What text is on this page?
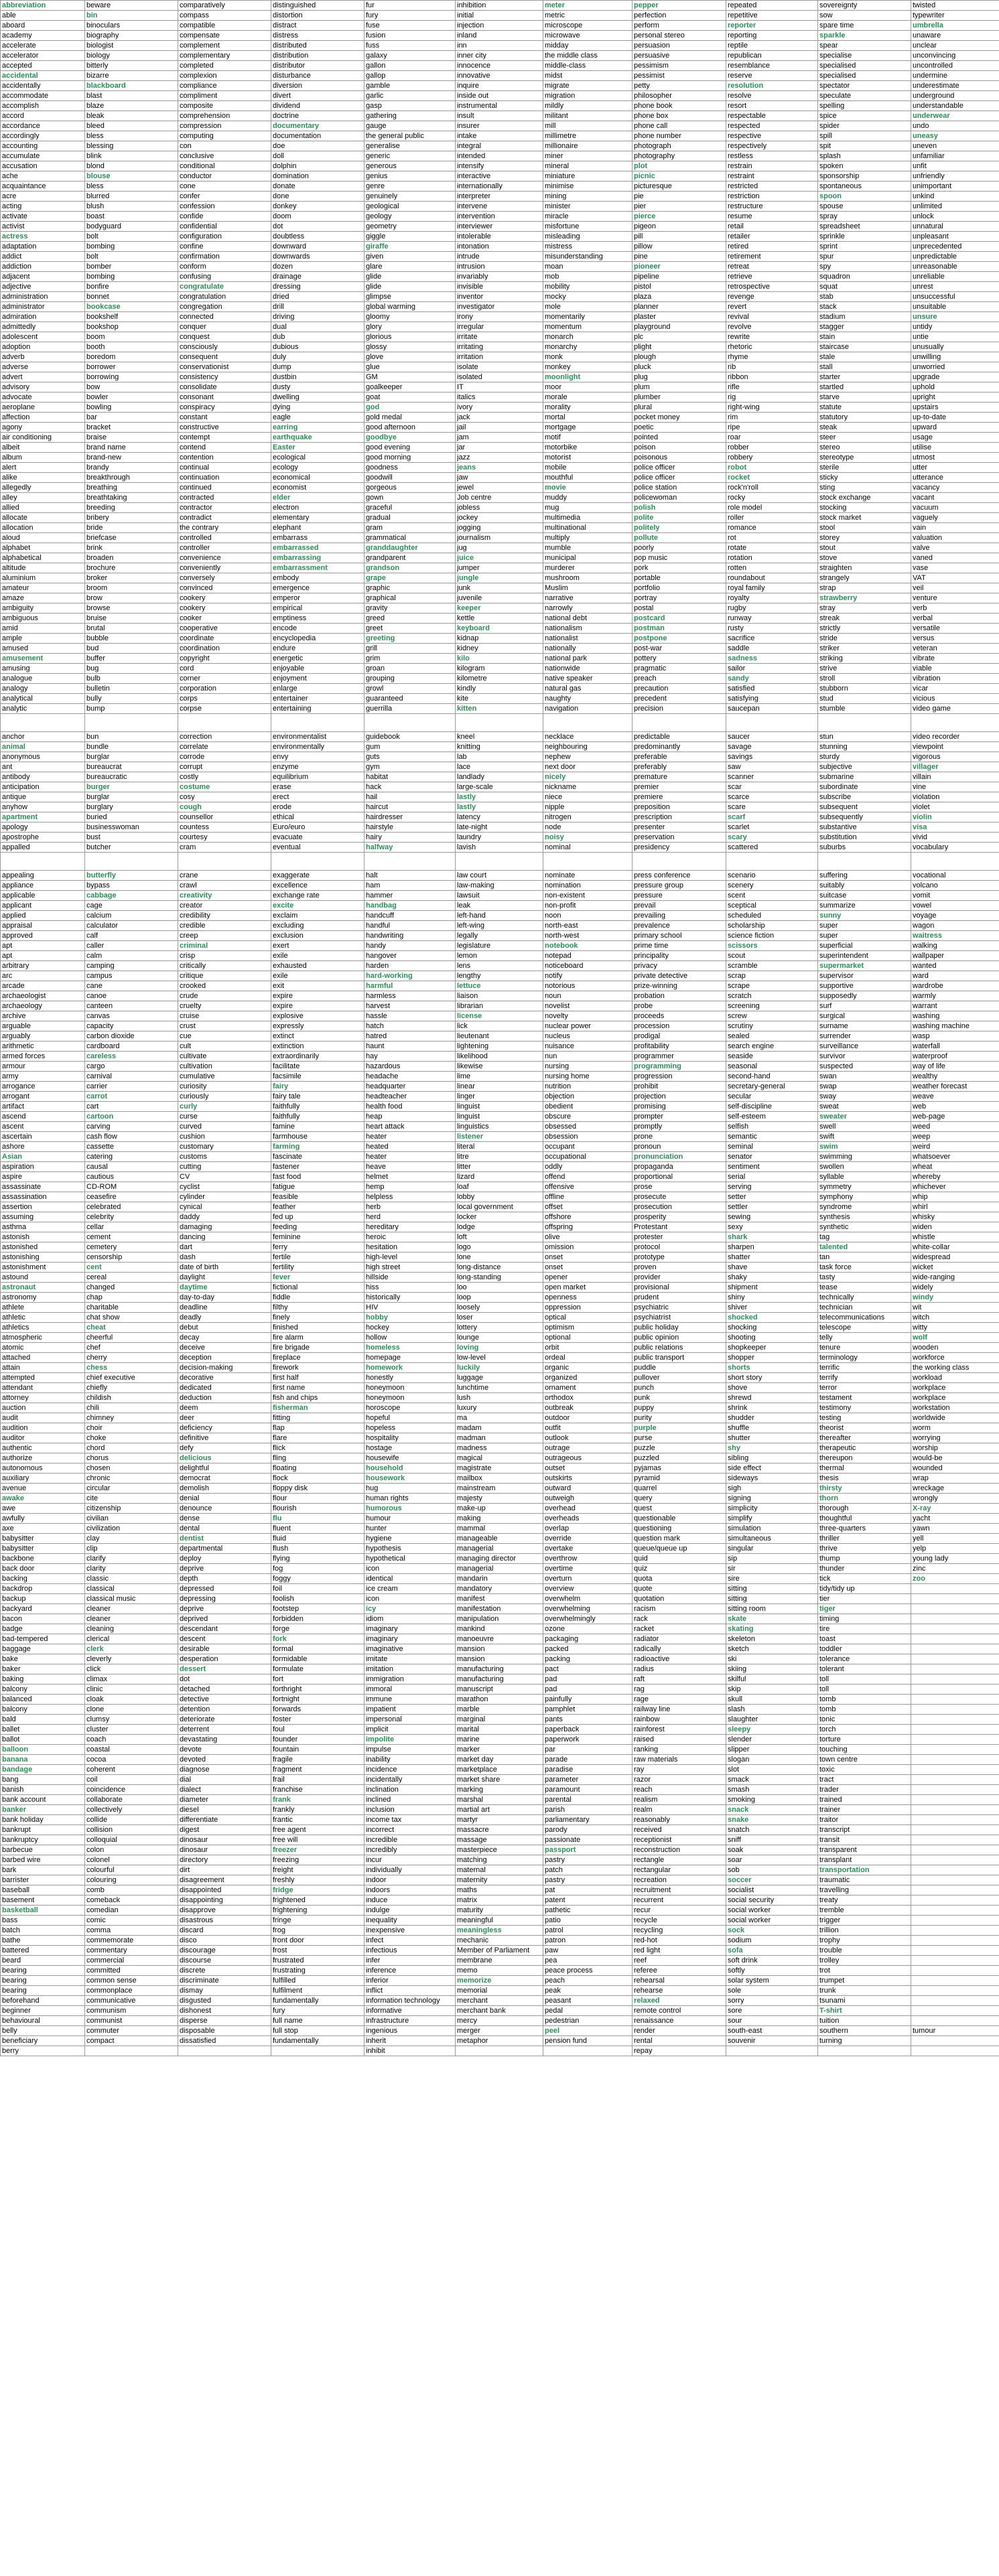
abbreviation	beware	comparatively	distinguished	fur	inhibition	meter	pepper	repeated	sovereignty	twisted	
able	bin	compass	distortion	fury	initial	metric	perfection	repetitive	sow	typewriter	
aboard	binoculars	compatible	distract	fuse	injection	microscope	perform	reporter	spare time	umbrella	
academy	biography	compensate	distress	fusion	inland	microwave	personal stereo	reporting	sparkle	unaware	
accelerate	biologist	complement	distributed	fuss	inn	midday	persuasion	reptile	spear	unclear	
accelerator	biology	complementary	distribution	galaxy	inner city	the middle class	persuasive	republican	specialise	unconvincing	
accepted	bitterly	completed	distributor	gallon	innocence	middle-class	pessimism	resemblance	specialised	uncontrolled	
accidental	bizarre	complexion	disturbance	gallop	innovative	midst	pessimist	reserve	specialised	undermine	
accidentally	blackboard	compliance	diversion	gamble	inquire	migrate	petty	resolution	spectator	underestimate	
accommodate	blast	compliment	divert	garlic	inside out	migration	philosopher	resolve	speculate	underground	
accomplish	blaze	composite	dividend	gasp	instrumental	mildly	phone book	resort	spelling	understandable	
accord	bleak	comprehension	doctrine	gathering	insult	militant	phone box	respectable	spice	underwear	
accordance	bleed	compression	documentary	gauge	insurer	mill	phone call	respected	spider	undo	
accordingly	bless	computing	documentation	the general public	intake	millimetre	phone number	respective	spill	uneasy	
accounting	blessing	con	doe	generalise	integral	millionaire	photograph	respectively	spit	uneven	
accumulate	blink	conclusive	doll	generic	intended	miner	photography	restless	splash	unfamiliar	
accusation	blond	conditional	dolphin	generous	intensify	mineral	plot	restrain	spoken	unfit	
ache	blouse	conductor	domination	genius	interactive	miniature	picnic	restraint	sponsorship	unfriendly	
acquaintance	bless	cone	donate	genre	internationally	minimise	picturesque	restricted	spontaneous	unimportant	
acre	blurred	confer	done	genuinely	interpreter	mining	pie	restriction	spoon	unkind	
acting	blush	confession	donkey	geological	intervene	minister	pier	restructure	spouse	unlimited	
activate	boast	confide	doom	geology	intervention	miracle	pierce	resume	spray	unlock	
activist	bodyguard	confidential	dot	geometry	interviewer	misfortune	pigeon	retail	spreadsheet	unnatural	
actress	bolt	configuration	doubtless	giggle	intolerable	misleading	pill	retailer	sprinkle	unpleasant	
adaptation	bombing	confine	downward	giraffe	intonation	mistress	pillow	retired	sprint	unprecedented	
addict	bolt	confirmation	downwards	given	intrude	misunderstanding	pine	retirement	spur	unpredictable	
addiction	bomber	conform	dozen	glare	intrusion	moan	pioneer	retreat	spy	unreasonable	
adjacent	bombing	confusing	drainage	glide	invariably	mob	pipeline	retrieve	squadron	unreliable	
adjective	bonfire	congratulate	dressing	glide	invisible	mobility	pistol	retrospective	squat	unrest	
administration	bonnet	congratulation	dried	glimpse	inventor	mocky	plaza	revenge	stab	unsuccessful	
administrator	bookcase	congregation	drill	global warming	investigator	mole	planner	revert	stack	unsuitable	
admiration	bookshelf	connected	driving	gloomy	irony	momentarily	plaster	revival	stadium	unsure	
admittedly	bookshop	conquer	dual	glory	irregular	momentum	playground	revolve	stagger	untidy	
adolescent	boom	conquest	dub	glorious	irritate	monarch	plc	rewrite	stain	untie	
adoption	booth	consciously	dubious	glossy	irritating	monarchy	plight	rhetoric	staircase	unusually	
adverb	boredom	consequent	duly	glove	irritation	monk	plough	rhyme	stale	unwilling	
adverse	borrower	conservationist	dump	glue	isolate	monkey	pluck	rib	stall	unworried	
advert	borrowing	consistency	dustbin	GM	isolated	moonlight	plug	ribbon	starter	upgrade	
advisory	bow	consolidate	dusty	goalkeeper	IT	moor	plum	rifle	startled	uphold	
advocate	bowler	consonant	dwelling	goat	italics	morale	plumber	rig	starve	upright	
aeroplane	bowling	conspiracy	dying	god	ivory	morality	plural	right-wing	statute	upstairs	
affection	bar	constant	eagle	gold medal	jack	mortal	pocket money	rim	statutory	up-to-date	
agony	bracket	constructive	earring	good afternoon	jail	mortgage	poetic	ripe	steak	upward	
air conditioning	braise	contempt	earthquake	goodbye	jam	motif	pointed	roar	steer	usage	
albeit	brand name	contend	Easter	good evening	jar	motorbike	poison	robber	stereo	utilise	
album	brand-new	contention	ecological	good morning	jazz	motorist	poisonous	robbery	stereotype	utmost	
alert	brandy	continual	ecology	goodness	jeans	mobile	police officer	robot	sterile	utter	
alike	breakthrough	continuation	economical	goodwill	jaw	mouthful	police officer	rocket	sticky	utterance	
allegedly	breathing	continued	economist	gorgeous	jewel	movie	police station	rock'n'roll	sting	vacancy	
alley	breathtaking	contracted	elder	gown	Job centre	muddy	policewoman	rocky	stock exchange	vacant	
allied	breeding	contractor	electron	graceful	jobless	mug	polish	role model	stocking	vacuum	
allocate	bribery	contradict	elementary	gradual	jockey	multimedia	polite	roller	stock market	vaguely	
allocation	bride	the contrary	elephant	gram	jogging	multinational	politely	romance	stool	vain	
aloud	briefcase	controlled	embarrass	grammatical	journalism	multiply	pollute	rot	storey	valuation	
alphabet	brink	controller	embarrassed	granddaughter	jug	mumble	poorly	rotate	stout	valve	
alphabetical	broaden	convenience	embarrassing	grandparent	juice	municipal	pop music	rotation	stove	vaned	
altitude	brochure	conveniently	embarrassment	grandson	jumper	murderer	pork	rotten	straighten	vase	
aluminium	broker	conversely	embody	grape	jungle	mushroom	portable	roundabout	strangely	VAT	
amateur	broom	convinced	emergence	graphic	junk	Muslim	portfolio	royal family	strap	veil	
amaze	brow	cookery	emperor	graphical	juvenile	narrative	portray	royalty	strawberry	venture	
ambiguity	browse	cookery	empirical	gravity	keeper	narrowly	postal	rugby	stray	verb	
ambiguous	bruise	cooker	emptiness	greed	kettle	national debt	postcard	runway	streak	verbal	
amid	brutal	cooperative	encode	greet	keyboard	nationalism	postman	rusty	strictly	versatile	
ample	bubble	coordinate	encyclopedia	greeting	kidnap	nationalist	postpone	sacrifice	stride	versus	
amused	bud	coordination	endure	grill	kidney	nationally	post-war	saddle	striker	veteran	
amusement	buffer	copyright	energetic	grim	kilo	national park	pottery	sadness	striking	vibrate	
amusing	bug	cord	enjoyable	groan	kilogram	nationwide	pragmatic	sailor	strive	viable	
analogue	bulb	corner	enjoyment	grouping	kilometre	native speaker	preach	sandy	stroll	vibration	
analogy	bulletin	corporation	enlarge	growl	kindly	natural gas	precaution	satisfied	stubborn	vicar	
analytical	bully	corps	entertainer	guaranteed	kite	naughty	precedent	satisfying	stud	vicious	
analytic	bump	corpse	entertaining	guerrilla	kitten	navigation	precision	saucepan	stumble	video game	

anchor	bun	correction	environmentalist	guidebook	kneel	necklace	predictable	saucer	stun	video recorder	
animal	bundle	correlate	environmentally	gum	knitting	neighbouring	predominantly	savage	stunning	viewpoint	
anonymous	burglar	corrode	envy	guts	lab	nephew	preferable	savings	sturdy	vigorous	
ant	bureaucrat	corrupt	enzyme	gym	lace	next door	preferably	saw	subjective	villager	
antibody	bureaucratic	costly	equilibrium	habitat	landlady	nicely	premature	scanner	submarine	villain	
anticipation	burger	costume	erase	hack	large-scale	nickname	premier	scar	subordinate	vine	
antique	burglar	cosy	erect	hail	lastly	niece	premiere	scarce	subscribe	violation	
anyhow	burglary	cough	erode	haircut	lastly	nipple	preposition	scare	subsequent	violet	
apartment	buried	counsellor	ethical	hairdresser	latency	nitrogen	prescription	scarf	subsequently	violin	
apology	businesswoman	countess	Euro/euro	hairstyle	late-night	node	presenter	scarlet	substantive	visa	
apostrophe	bust	courtesy	evacuate	hairy	laundry	noisy	preservation	scary	substitution	vivid	
appalled	butcher	cram	eventual	halfway	lavish	nominal	presidency	scattered	suburbs	vocabulary	

appealing	butterfly	crane	exaggerate	halt	law court	nominate	press conference	scenario	suffering	vocational	
appliance	bypass	crawl	excellence	ham	law-making	nomination	pressure group	scenery	suitably	volcano	
applicable	cabbage	creativity	exchange rate	hammer	lawsuit	non-existent	pressure	scent	suitcase	vomit	
applicant	cage	creator	excite	handbag	leak	non-profit	prevail	sceptical	summarize	vowel	
applied	calcium	credibility	exclaim	handcuff	left-hand	noon	prevailing	scheduled	sunny	voyage	
appraisal	calculator	credible	excluding	handful	left-wing	north-east	prevalence	scholarship	super	wagon	
approved	calf	creep	exclusion	handwriting	legally	north-west	primary school	science fiction	super	waitress	
apt	caller	criminal	exert	handy	legislature	notebook	prime time	scissors	superficial	walking	
apt	calm	crisp	exile	hangover	lemon	notepad	principality	scout	superintendent	wallpaper	
arbitrary	camping	critically	exhausted	harden	lens	noticeboard	privacy	scramble	supermarket	wanted	
arc	campus	critique	exile	hard-working	lengthy	notify	private detective	scrap	supervisor	ward	
arcade	cane	crooked	exit	harmful	lettuce	notorious	prize-winning	scrape	supportive	wardrobe	
archaeologist	canoe	crude	expire	harmless	liaison	noun	probation	scratch	supposedly	warmly	
archaeology	canteen	cruelty	expire	harvest	librarian	novelist	probe	screening	surf	warrant	
archive	canvas	cruise	explosive	hassle	license	novelty	proceeds	screw	surgical	washing	
arguable	capacity	crust	expressly	hatch	lick	nuclear power	procession	scrutiny	surname	washing machine	
arguably	carbon dioxide	cue	extinct	hatred	lieutenant	nucleus	prodigal	sealed	surrender	wasp	
arithmetic	cardboard	cult	extinction	haunt	lightening	nuisance	profitability	search engine	surveillance	waterfall	
armed forces	careless	cultivate	extraordinarily	hay	likelihood	nun	programmer	seaside	survivor	waterproof	
armour	cargo	cultivation	facilitate	hazardous	likewise	nursing	programming	seasonal	suspected	way of life	
army	carnival	cumulative	facsimile	headache	lime	nursing home	progression	second-hand	swan	wealthy	
arrogance	carrier	curiosity	fairy	headquarter	linear	nutrition	prohibit	secretary-general	swap	weather forecast	
arrogant	carrot	curiously	fairy tale	headteacher	linger	objection	projection	secular	sway	weave	
artifact	cart	curly	faithfully	health food	linguist	obedient	promising	self-discipline	sweat	web	
ascend	cartoon	curse	faithfully	heap	linguist	obscure	prompter	self-esteem	sweater	web-page	
ascent	carving	curved	famine	heart attack	linguistics	obsessed	promptly	selfish	swell	weed	
ascertain	cash flow	cushion	farmhouse	heater	listener	obsession	prone	semantic	swift	weep	
ashore	cassette	customary	farming	heated	literal	occupant	pronoun	seminal	swim	weird	
Asian	catering	customs	fascinate	heater	litre	occupational	pronunciation	senator	swimming	whatsoever	
aspiration	causal	cutting	fastener	heave	litter	oddly	propaganda	sentiment	swollen	wheat	
aspire	cautious	CV	fast food	helmet	lizard	offend	proportional	serial	syllable	whereby	
assassinate	CD-ROM	cyclist	fatigue	hemp	loaf	offensive	prose	serving	symmetry	whichever	
assassination	ceasefire	cylinder	feasible	helpless	lobby	offline	prosecute	setter	symphony	whip	
assertion	celebrated	cynical	feather	herb	local government	offset	prosecution	settler	syndrome	whirl	
assuming	celebrity	daddy	fed up	herd	locker	offshore	prosperity	sewing	synthesis	whisky	
asthma	cellar	damaging	feeding	hereditary	lodge	offspring	Protestant	sexy	synthetic	widen	
astonish	cement	dancing	feminine	heroic	loft	olive	protester	shark	tag	whistle	
astonished	cemetery	dart	ferry	hesitation	logo	omission	protocol	sharpen	talented	white-collar	
astonishing	censorship	dash	fertile	high-level	lone	onset	prototype	shatter	tan	widespread	
astonishment	cent	date of birth	fertility	high street	long-distance	onset	proven	shave	task force	wicket	
astound	cereal	daylight	fever	hillside	long-standing	opener	provider	shaky	tasty	wide-ranging	
astronaut	changed	daytime	fictional	hiss	loo	open market	provisional	shipment	tease	widely	
astronomy	chap	day-to-day	fiddle	historically	loop	openness	prudent	shiny	technically	windy	
athlete	charitable	deadline	filthy	HIV	loosely	oppression	psychiatric	shiver	technician	wit	
athletic	chat show	deadly	finely	hobby	loser	optical	psychiatrist	shocked	telecommunications	witch	
athletics	cheat	debut	finished	hockey	lottery	optimism	public holiday	shocking	telescope	witty	
atmospheric	cheerful	decay	fire alarm	hollow	lounge	optional	public opinion	shooting	telly	wolf	
atomic	chef	deceive	fire brigade	homeless	loving	orbit	public relations	shopkeeper	tenure	wooden	
attached	cherry	deception	fireplace	homepage	low-level	ordeal	public transport	shopper	terminology	workforce	
attain	chess	decision-making	firework	homework	luckily	organic	puddle	shorts	terrific	the working class	
attempted	chief executive	decorative	first half	honestly	luggage	organized	pullover	short story	terrify	workload	
attendant	chiefly	dedicated	first name	honeymoon	lunchtime	ornament	punch	shove	terror	workplace	
attorney	childish	deduction	fish and chips	honeymoon	lush	orthodox	punk	shrewd	testament	workplace	
auction	chili	deem	fisherman	horoscope	luxury	outbreak	puppy	shrink	testimony	workstation	
audit	chimney	deer	fitting	hopeful	ma	outdoor	purity	shudder	testing	worldwide	
audition	choir	deficiency	flap	hopeless	madam	outfit	purple	shuffle	theorist	worm	
auditor	choke	definitive	flare	hospitality	madman	outlook	purse	shutter	thereafter	worrying	
authentic	chord	defy	flick	hostage	madness	outrage	puzzle	shy	therapeutic	worship	
authorize	chorus	delicious	fling	housewife	magical	outrageous	puzzled	sibling	thereupon	would-be	
autonomous	chosen	delightful	floating	household	magistrate	outset	pyjamas	side effect	thermal	wounded	
auxiliary	chronic	democrat	flock	housework	mailbox	outskirts	pyramid	sideways	thesis	wrap	
avenue	circular	demolish	floppy disk	hug	mainstream	outward	quarrel	sigh	thirsty	wreckage	
awake	cite	denial	flour	human rights	majesty	outweigh	query	signing	thorn	wrongly	
awe	citizenship	denounce	flourish	humorous	make-up	overhead	quest	simplicity	thorough	X-ray	
awfully	civilian	dense	flu	humour	making	overheads	questionable	simplify	thoughtful	yacht	
axe	civilization	dental	fluent	hunter	mammal	overlap	questioning	simulation	three-quarters	yawn	
babysitter	clay	dentist	fluid	hygiene	manageable	override	question mark	simultaneous	thriller	yell	
babysitter	clip	departmental	flush	hypothesis	managerial	overtake	queue/queue up	singular	thrive	yelp	
backbone	clarify	deploy	flying	hypothetical	managing director	overthrow	quid	sip	thump	young lady	
back door	clarity	deprive	fog	icon	managerial	overtime	quiz	sir	thunder	zinc	
backing	classic	depth	foggy	identical	mandarin	overturn	quota	sire	tick	zoo	
backdrop	classical	depressed	foil	ice cream	mandatory	overview	quote	sitting	tidy/tidy up		
backup	classical music	depressing	foolish	icon	manifest	overwhelm	quotation	sitting	tier		
backyard	cleaner	deprive	footstep	icy	manifestation	overwhelming	racism	sitting room	tiger		
bacon	cleaner	deprived	forbidden	idiom	manipulation	overwhelmingly	rack	skate	timing		
badge	cleaning	descendant	forge	imaginary	mankind	ozone	racket	skating	tire		
bad-tempered	clerical	descent	fork	imaginary	manoeuvre	packaging	radiator	skeleton	toast		
baggage	clerk	desirable	formal	imaginative	mansion	packed	radically	sketch	toddler		
bake	cleverly	desperation	formidable	imitate	mansion	packing	radioactive	ski	tolerance		
baker	click	dessert	formulate	imitation	manufacturing	pact	radius	skiing	tolerant		
baking	climax	dot	fort	immigration	manufacturing	pad	raft	skilful	toll		
balcony	clinic	detached	forthright	immoral	manuscript	pad	rag	skip	toll		
balanced	cloak	detective	fortnight	immune	marathon	painfully	rage	skull	tomb		
balcony	clone	detention	forwards	impatient	marble	pamphlet	railway line	slash	tomb		
bald	clumsy	deteriorate	foster	impersonal	marginal	pants	rainbow	slaughter	tonic		
ballet	cluster	deterrent	foul	implicit	marital	paperback	rainforest	sleepy	torch		
ballot	coach	devastating	founder	impolite	marine	paperwork	raised	slender	torture		
balloon	coastal	devote	fountain	impulse	marker	par	ranking	slipper	touching		
banana	cocoa	devoted	fragile	inability	market day	parade	raw materials	slogan	town centre		
bandage	coherent	diagnose	fragment	incidence	marketplace	paradise	ray	slot	toxic		
bang	coil	dial	frail	incidentally	market share	parameter	razor	smack	tract		
banish	coincidence	dialect	franchise	inclination	marking	paramount	reach	smash	trader		
bank account	collaborate	diameter	frank	inclined	marshal	parental	realism	smoking	trained		
banker	collectively	diesel	frankly	inclusion	martial art	parish	realm	snack	trainer		
bank holiday	collide	differentiate	frantic	income tax	martyr	parliamentary	reasonably	snake	traitor		
bankrupt	collision	digest	free agent	incorrect	massacre	parody	received	snatch	transcript		
bankruptcy	colloquial	dinosaur	free will	incredible	massage	passionate	receptionist	sniff	transit		
barbecue	colon	dinosaur	freezer	incredibly	masterpiece	passport	reconstruction	soak	transparent		
barbed wire	colonel	directory	freezing	incur	matching	pastry	rectangle	soar	transplant		
bark	colourful	dirt	freight	individually	maternal	patch	rectangular	sob	transportation		
barrister	colouring	disagreement	freshly	indoor	maternity	pastry	recreation	soccer	traumatic		
baseball	comb	disappointed	fridge	indoors	maths	pat	recruitment	socialist	travelling		
basement	comeback	disappointing	frightened	induce	matrix	patent	recurrent	social security	treaty		
basketball	comedian	disapprove	frightening	indulge	maturity	pathetic	recur	social worker	tremble		
bass	comic	disastrous	fringe	inequality	meaningful	patio	recycle	social worker	trigger		
batch	comma	discard	frog	inexpensive	meaningless	patrol	recycling	sock	trillion		
bathe	commemorate	disco	front door	infect	mechanic	patron	red-hot	sodium	trophy		
battered	commentary	discourage	frost	infectious	Member of Parliament	paw	red light	sofa	trouble		
beard	commercial	discourse	frustrated	infer	membrane	pea	reef	soft drink	trolley		
bearing	committed	discrete	frustrating	inference	memo	peace process	referee	softly	trot		
bearing	common sense	discriminate	fulfilled	inferior	memorize	peach	rehearsal	solar system	trumpet		
bearing	commonplace	dismay	fulfilment	inflict	memorial	peak	rehearse	sole	trunk		
beforehand	communicative	disgusted	fundamentally	information technology	merchant	peasant	relaxed	sorry	tsunami		
beginner	communism	dishonest	fury	informative	merchant bank	pedal	remote control	sore	T-shirt		
behavioural	communist	disperse	full name	infrastructure	mercy	pedestrian	renaissance	sour	tuition		
belly	commuter	disposable	full stop	ingenious	merger	peel	render	south-east	southern	tumour	
beneficiary	compact	dissatisfied	fundamentally	inherit	metaphor	pension fund	rental	souvenir	turning		
berry				inhibit			repay				
